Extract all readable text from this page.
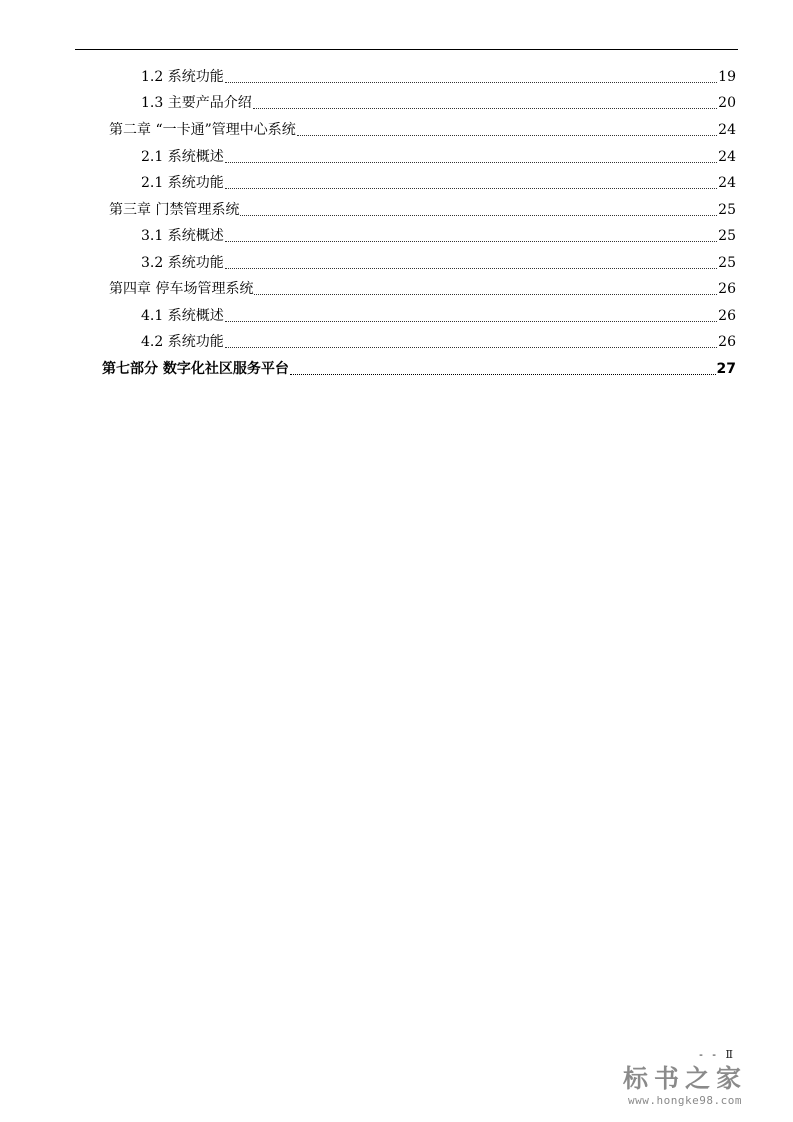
1.2 系统功能	19
1.3 主要产品介绍	20
第二章 “一卡通”管理中心系统	24
2.1 系统概述	24
2.1 系统功能	24
第三章 门禁管理系统	25
3.1 系统概述	25
3.2 系统功能	25
第四章 停车场管理系统	26
4.1 系统概述	26
4.2 系统功能	26
第七部分 数字化社区服务平台	27
- - Ⅱ
标书之家
www.hongke98.com
